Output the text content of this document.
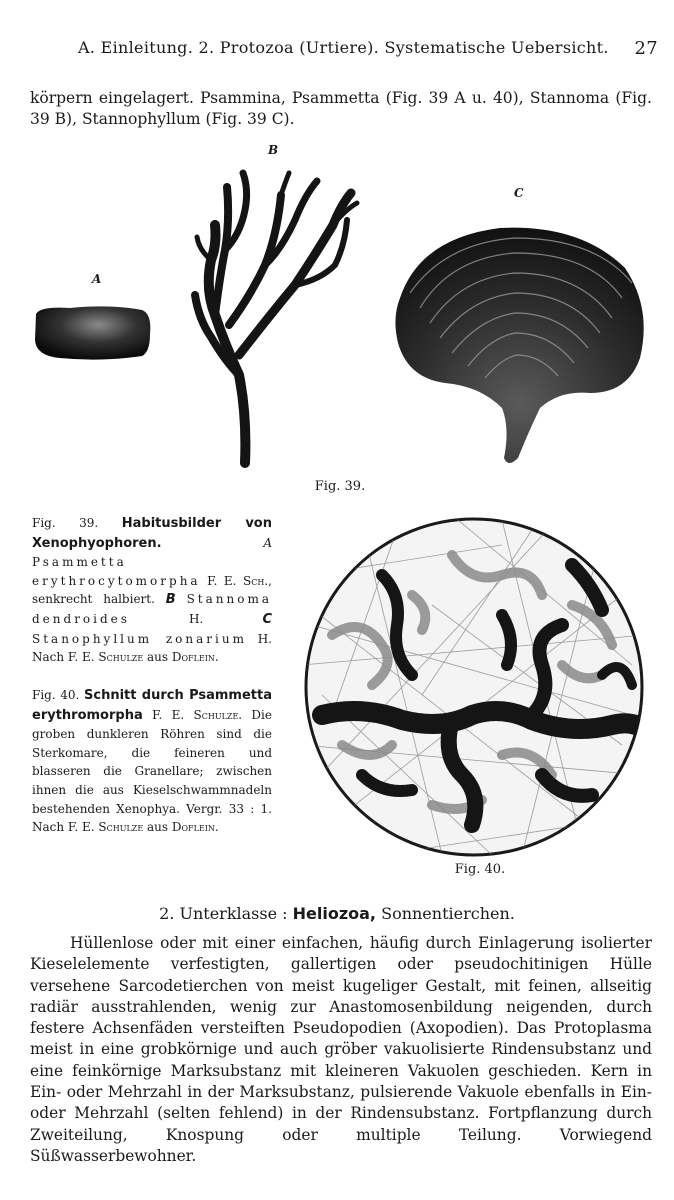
A. Einleitung. 2. Protozoa (Urtiere). Systematische Uebersicht. 27
körpern eingelagert. Psammina, Psammetta (Fig. 39 A u. 40), Stannoma (Fig. 39 B), Stannophyllum (Fig. 39 C).
A
B
C
Fig. 39.
Fig. 39. Habitusbilder von Xenophyophoren.	A Psammetta erythrocytomorpha F. E. Sch., senkrecht halbiert. B Stannoma dendroides H.	C Stanophyllum zonarium H. Nach F. E. Schulze aus Doflein.
Fig. 40. Schnitt durch Psammetta erythromorpha F. E. Schulze. Die groben dunkleren Röhren sind die Sterkomare, die feineren und blasseren die Granellare; zwischen ihnen die aus Kieselschwammnadeln bestehenden Xenophya. Vergr. 33 : 1. Nach F. E. Schulze aus Doflein.
Fig. 40.
2. Unterklasse : Heliozoa, Sonnentierchen.
Hüllenlose oder mit einer einfachen, häufig durch Einlagerung isolierter Kieselelemente verfestigten, gallertigen oder pseudochitinigen Hülle versehene Sarcodetierchen von meist kugeliger Gestalt, mit feinen, allseitig radiär ausstrahlenden, wenig zur Anastomosenbildung neigenden, durch festere Achsenfäden versteiften Pseudopodien (Axopodien). Das Protoplasma meist in eine grobkörnige und auch gröber vakuolisierte Rindensubstanz und eine feinkörnige Marksubstanz mit kleineren Vakuolen geschieden. Kern in Ein- oder Mehrzahl in der Marksubstanz, pulsierende Vakuole ebenfalls in Ein- oder Mehrzahl (selten fehlend) in der Rindensubstanz. Fortpflanzung durch Zweiteilung, Knospung oder multiple Teilung. Vorwiegend Süßwasserbewohner.
